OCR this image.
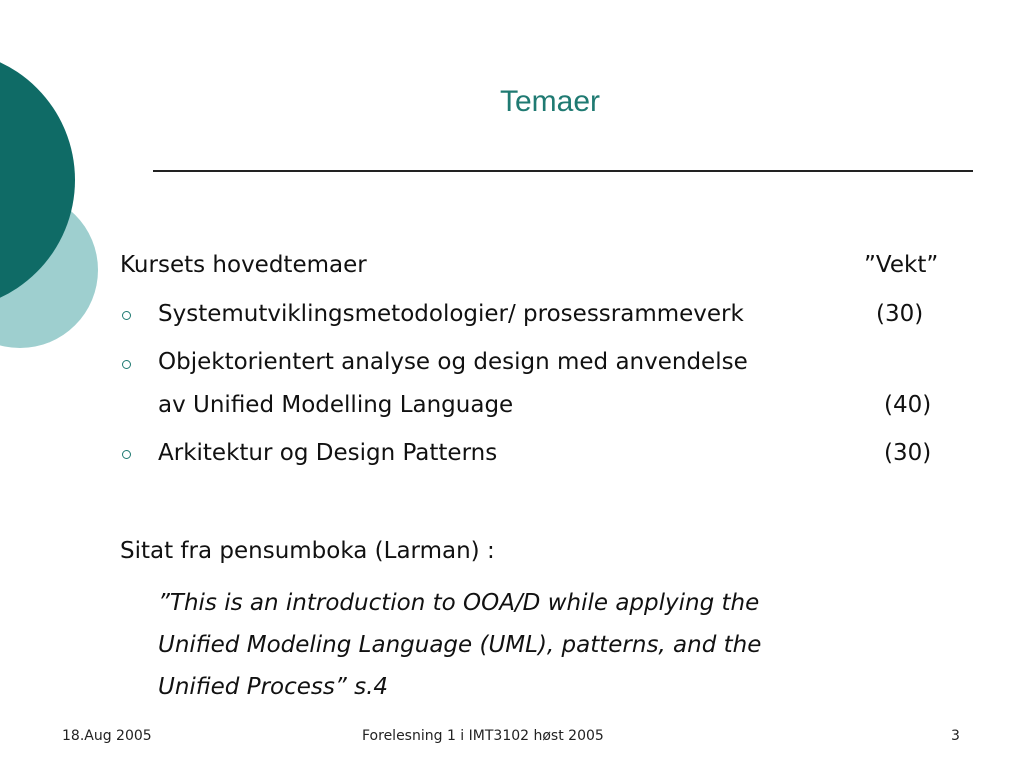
Temaer

Kursets hovedtemaer	”Vekt”

Systemutviklingsmetodologier/ prosessrammeverk	(30)

Objektorientert analyse og design med anvendelse

av Unified Modelling Language	(40)

Arkitektur og Design Patterns	(30)

Sitat fra pensumboka (Larman) :

”This is an introduction to OOA/D while applying the
Unified Modeling Language (UML), patterns, and the
Unified Process” s.4
18.Aug 2005	Forelesning 1 i IMT3102 høst 2005	3
